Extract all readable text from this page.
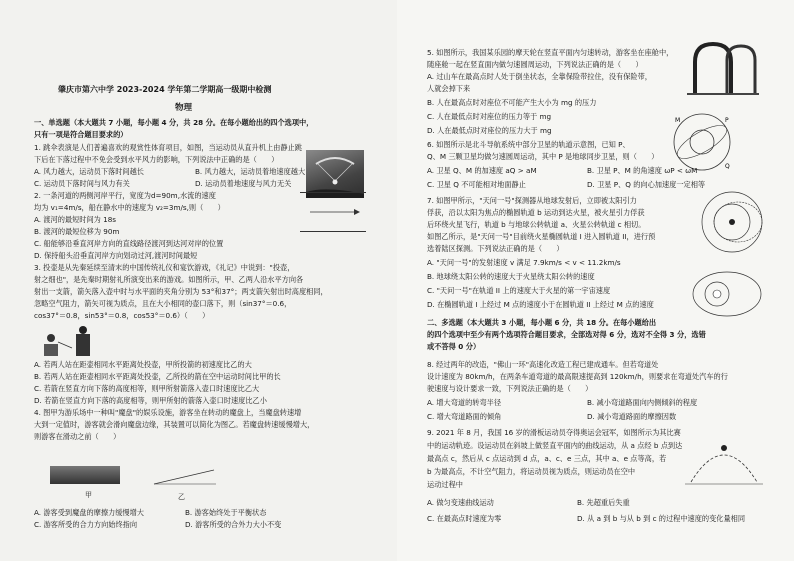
肇庆市第六中学 2023-2024 学年第二学期高一级期中检测
物理
一、单选题（本大题共 7 小题，每小题 4 分，共 28 分。在每小题给出的四个选项中，
只有一项是符合题目要求的）
1. 跳伞表演是人们普遍喜欢的观赏性体育项目，如图，当运动员从直升机上由静止跳
下后在下落过程中不免会受到水平风力的影响，下列说法中正确的是（　　）
A. 风力越大，运动员下落时间越长	B. 风力越大，运动员着地速度越大
C. 运动员下落时间与风力有关	D. 运动员着地速度与风力无关
2. 一条河道的两侧河岸平行，宽度为d=90m,水流的速度
均为 v₁=4m/s，船在静水中的速度为 v₂=3m/s,则（　　）
A. 渡河的最短时间为 18s
B. 渡河的最短位移为 90m
C. 船能够沿垂直河岸方向的直线路径渡河到达河对岸的位置
D. 保持船头沿垂直河岸方向划动过河,渡河时间最短
3. 投壶是从先秦延续至清末的中国传统礼仪和宴饮游戏，《礼记》中说到："投壶，
射之细也"，是先秦时期射礼所演变出来的游戏。如图所示，甲、乙两人沿水平方向各
射出一支箭，箭矢落入壶中时与水平面的夹角分别为 53°和37°；两支箭矢射出时高度相同，
忽略空气阻力，箭矢可视为质点，且在大小相同的壶口落下，则（sin37°＝0.6，
cos37°＝0.8，sin53°＝0.8，cos53°＝0.6）（　　）
A. 若两人站在距壶相同水平距离处投壶，甲所投箭的初速度比乙的大
B. 若两人站在距壶相同水平距离处投壶，乙所投的箭在空中运动时间比甲的长
C. 若箭在竖直方向下落的高度相等，则甲所射箭落入壶口时速度比乙大
D. 若箭在竖直方向下落的高度相等，则甲所射的箭落入壶口时速度比乙小
4. 图甲为游乐场中一种叫"魔盘"的娱乐设施，游客坐在转动的魔盘上，当魔盘转速增
大到一定值时，游客就会滑向魔盘边缘，其装置可以简化为图乙。若魔盘转速缓慢增大，
则游客在滑动之前（　　）
甲	乙
A. 游客受到魔盘的摩擦力缓慢增大	B. 游客始终处于平衡状态
C. 游客所受的合力方向始终指向	D. 游客所受的合外力大小不变
5. 如图所示，我国某乐园的摩天轮在竖直平面内匀速转动，游客坐在座舱中，
随座舱一起在竖直面内做匀速圆周运动，下列说法正确的是（　　）
A. 过山车在最高点时人处于倒坐状态，全靠保险带拉住，没有保险带，
人就会掉下来
B. 人在最高点时对座位不可能产生大小为 mg 的压力
C. 人在最低点时对座位的压力等于 mg
D. 人在最低点时对座位的压力大于 mg
6. 如图所示是北斗导航系统中部分卫星的轨道示意图，已知 P、
Q、M 三颗卫星均做匀速圆周运动，其中 P 是地球同步卫星，则（　　）
M	P
Q
A. 卫星 Q、M 的加速度 aQ > aM	B. 卫星 P、M 的角速度 ωP < ωM
C. 卫星 Q 不可能相对地面静止	D. 卫星 P、Q 的向心加速度一定相等
7. 如图甲所示，"天问一号"探测器从地球发射后，立即被太阳引力
俘获，沿以太阳为焦点的椭圆轨道 b 运动到达火星，被火星引力俘获
后环绕火星飞行，轨道 b 与地球公转轨道 a、火星公转轨道 c 相切。
如图乙所示，是"天问一号"目前绕火星椭圆轨道 I 进入圆轨道 II，进行预
选着陆区探测。下列说法正确的是（　　）
A. "天问一号"的发射速度 v 满足 7.9km/s < v < 11.2km/s
B. 地球绕太阳公转的速度大于火星绕太阳公转的速度
C. "天问一号"在轨道 II 上的速度大于火星的第一宇宙速度
D. 在椭圆轨道 I 上经过 M 点的速度小于在圆轨道 II 上经过 M 点的速度
二、多选题（本大题共 3 小题，每小题 6 分，共 18 分。在每小题给出
的四个选项中至少有两个选项符合题目要求，全部选对得 6 分，选对不全得 3 分，选错
或不答得 0 分）
8. 经过两年的改造，"佛山一环"高速化改造工程已建成通车。但若弯道处
设计速度为 80km/h，在两条车道弯道的最高限速提高到 120km/h，则要求在弯道处汽车的行
驶速度与设计要求一致，下列说法正确的是（　　）
A. 增大弯道的转弯半径	B. 减小弯道路面向内侧倾斜的程度
C. 增大弯道路面的倾角	D. 减小弯道路面的摩擦因数
9. 2021 年 8 月，我国 16 岁的滑板运动员夺得奥运会冠军，如图所示为其比赛
中的运动轨迹。设运动员在斜坡上做竖直平面内的曲线运动，从 a 点经 b 点到达
最高点 c，然后从 c 点运动到 d 点，a、c、e 三点，其中 a、e 点等高，若
b 为最高点，不计空气阻力，将运动员视为质点，则运动员在空中
运动过程中
A. 做匀变速曲线运动	B. 先超重后失重
C. 在最高点时速度为零	D. 从 a 到 b 与从 b 到 c 的过程中速度的变化量相同
